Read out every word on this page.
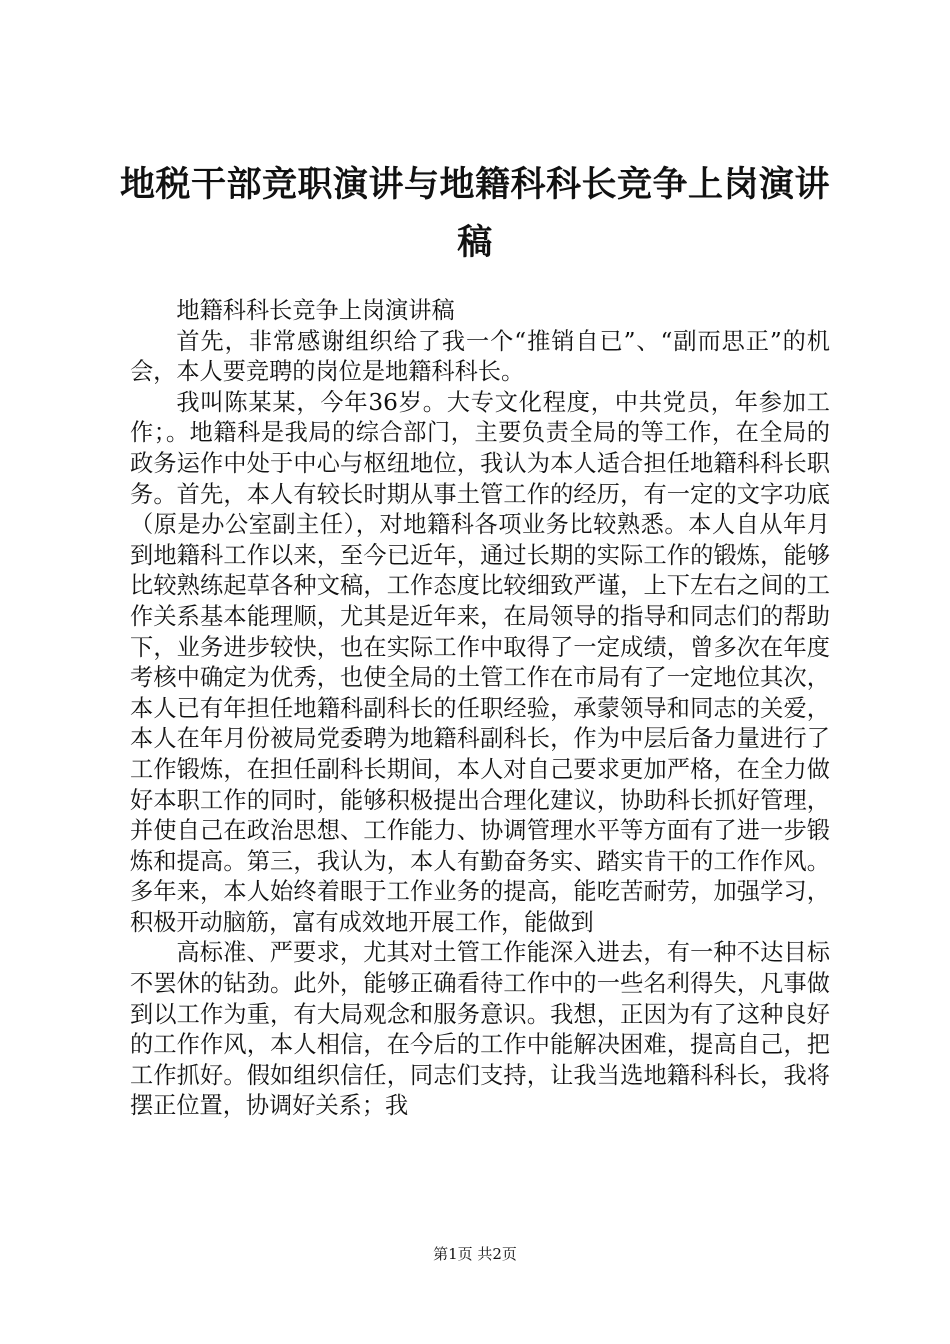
地税干部竞职演讲与地籍科科长竞争上岗演讲稿

地籍科科长竞争上岗演讲稿

首先，非常感谢组织给了我一个“推销自已”、“副而思正”的机会，本人要竞聘的岗位是地籍科科长。

我叫陈某某，今年36岁。大专文化程度，中共党员，年参加工作；。地籍科是我局的综合部门，主要负责全局的等工作，在全局的政务运作中处于中心与枢纽地位，我认为本人适合担任地籍科科长职务。首先，本人有较长时期从事土管工作的经历，有一定的文字功底（原是办公室副主任），对地籍科各项业务比较熟悉。本人自从年月到地籍科工作以来，至今已近年，通过长期的实际工作的锻炼，能够比较熟练起草各种文稿，工作态度比较细致严谨，上下左右之间的工作关系基本能理顺，尤其是近年来，在局领导的指导和同志们的帮助下，业务进步较快，也在实际工作中取得了一定成绩，曾多次在年度考核中确定为优秀，也使全局的土管工作在市局有了一定地位其次，本人已有年担任地籍科副科长的任职经验，承蒙领导和同志的关爱，本人在年月份被局党委聘为地籍科副科长，作为中层后备力量进行了工作锻炼，在担任副科长期间，本人对自己要求更加严格，在全力做好本职工作的同时，能够积极提出合理化建议，协助科长抓好管理，并使自己在政治思想、工作能力、协调管理水平等方面有了进一步锻炼和提高。第三，我认为，本人有勤奋务实、踏实肯干的工作作风。多年来，本人始终着眼于工作业务的提高，能吃苦耐劳，加强学习，积极开动脑筋，富有成效地开展工作，能做到

高标准、严要求，尤其对土管工作能深入进去，有一种不达目标不罢休的钻劲。此外，能够正确看待工作中的一些名利得失，凡事做到以工作为重，有大局观念和服务意识。我想，正因为有了这种良好的工作作风，本人相信，在今后的工作中能解决困难，提高自己，把工作抓好。假如组织信任，同志们支持，让我当选地籍科科长，我将摆正位置，协调好关系；我

第1页 共2页
